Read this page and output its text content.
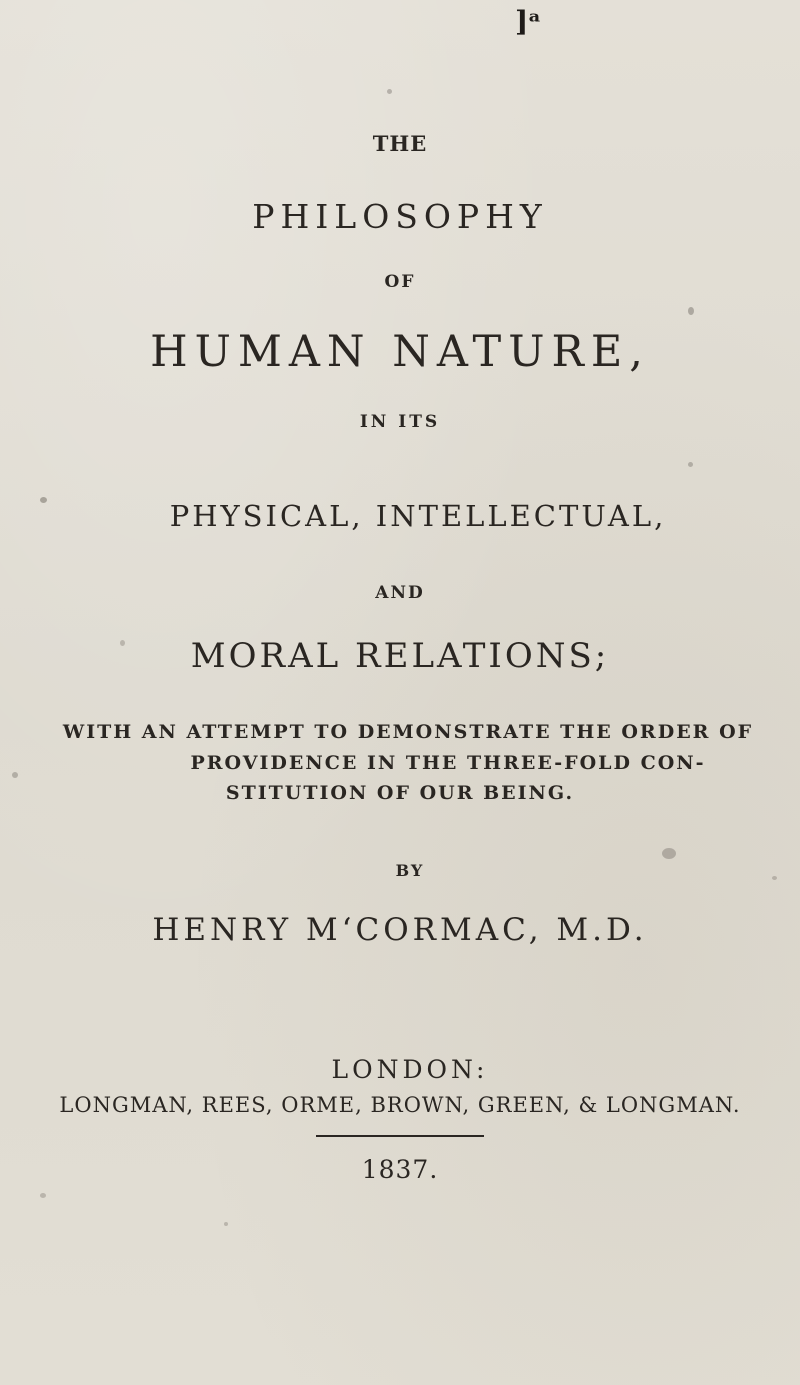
]ᵃ
THE
PHILOSOPHY
OF
HUMAN NATURE,
IN ITS
PHYSICAL, INTELLECTUAL,
AND
MORAL RELATIONS;
WITH AN ATTEMPT TO DEMONSTRATE THE ORDER OF
PROVIDENCE IN THE THREE-FOLD CON-
STITUTION OF OUR BEING.
BY
HENRY M‘CORMAC, M.D.
LONDON:
LONGMAN, REES, ORME, BROWN, GREEN, & LONGMAN.
1837.
